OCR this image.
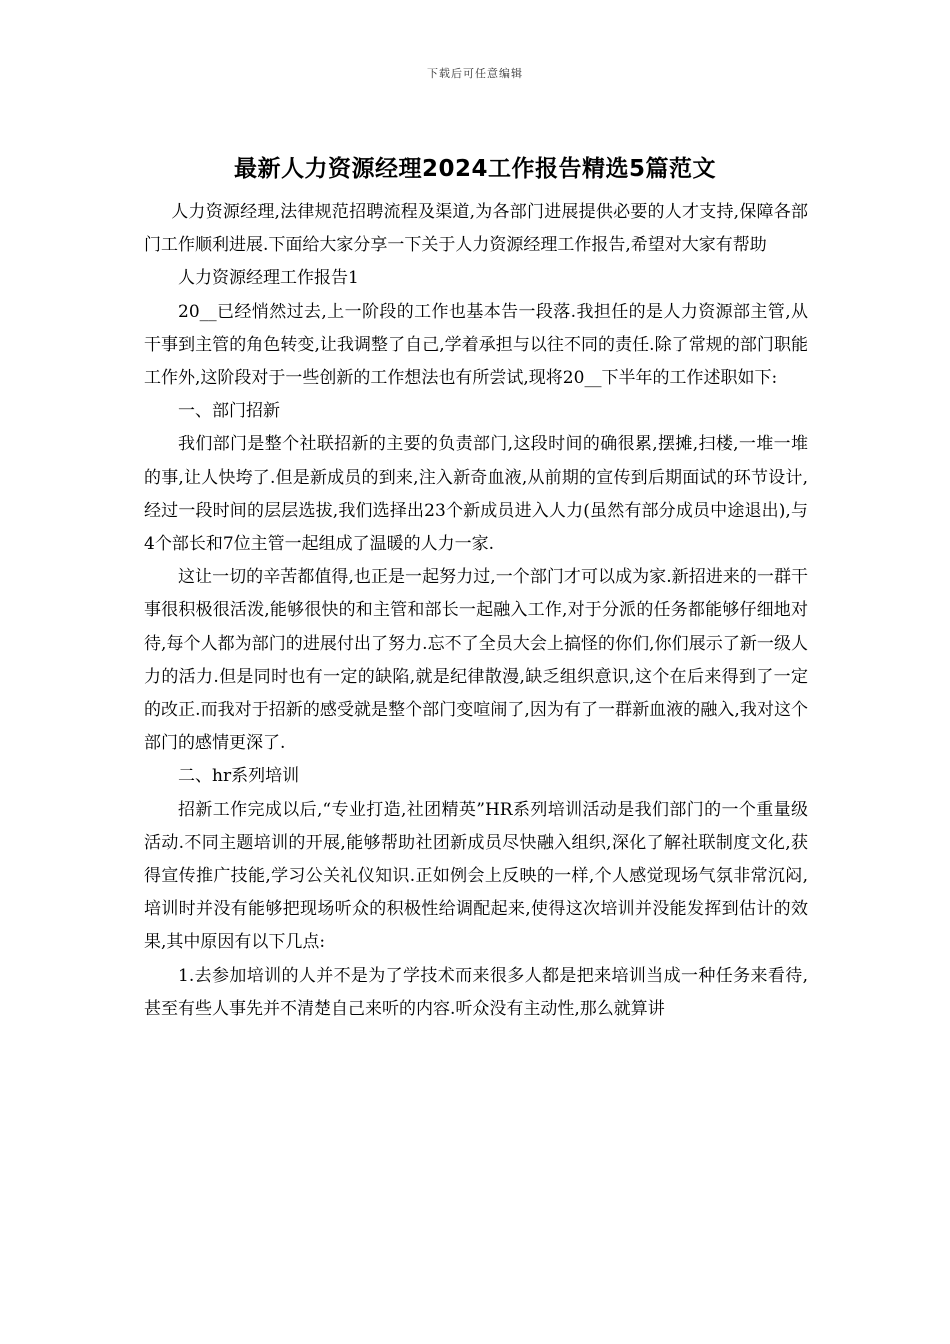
下载后可任意编辑
最新人力资源经理2024工作报告精选5篇范文

人力资源经理,法律规范招聘流程及渠道,为各部门进展提供必要的人才支持,保障各部门工作顺利进展.下面给大家分享一下关于人力资源经理工作报告,希望对大家有帮助

人力资源经理工作报告1

20__已经悄然过去,上一阶段的工作也基本告一段落.我担任的是人力资源部主管,从干事到主管的角色转变,让我调整了自己,学着承担与以往不同的责任.除了常规的部门职能工作外,这阶段对于一些创新的工作想法也有所尝试,现将20__下半年的工作述职如下:

一、部门招新

我们部门是整个社联招新的主要的负责部门,这段时间的确很累,摆摊,扫楼,一堆一堆的事,让人快垮了.但是新成员的到来,注入新奇血液,从前期的宣传到后期面试的环节设计,经过一段时间的层层选拔,我们选择出23个新成员进入人力(虽然有部分成员中途退出),与4个部长和7位主管一起组成了温暖的人力一家.

这让一切的辛苦都值得,也正是一起努力过,一个部门才可以成为家.新招进来的一群干事很积极很活泼,能够很快的和主管和部长一起融入工作,对于分派的任务都能够仔细地对待,每个人都为部门的进展付出了努力.忘不了全员大会上搞怪的你们,你们展示了新一级人力的活力.但是同时也有一定的缺陷,就是纪律散漫,缺乏组织意识,这个在后来得到了一定的改正.而我对于招新的感受就是整个部门变喧闹了,因为有了一群新血液的融入,我对这个部门的感情更深了.

二、hr系列培训

招新工作完成以后,“专业打造,社团精英”HR系列培训活动是我们部门的一个重量级活动.不同主题培训的开展,能够帮助社团新成员尽快融入组织,深化了解社联制度文化,获得宣传推广技能,学习公关礼仪知识.正如例会上反映的一样,个人感觉现场气氛非常沉闷,培训时并没有能够把现场听众的积极性给调配起来,使得这次培训并没能发挥到估计的效果,其中原因有以下几点:

1.去参加培训的人并不是为了学技术而来很多人都是把来培训当成一种任务来看待,甚至有些人事先并不清楚自己来听的内容.听众没有主动性,那么就算讲
